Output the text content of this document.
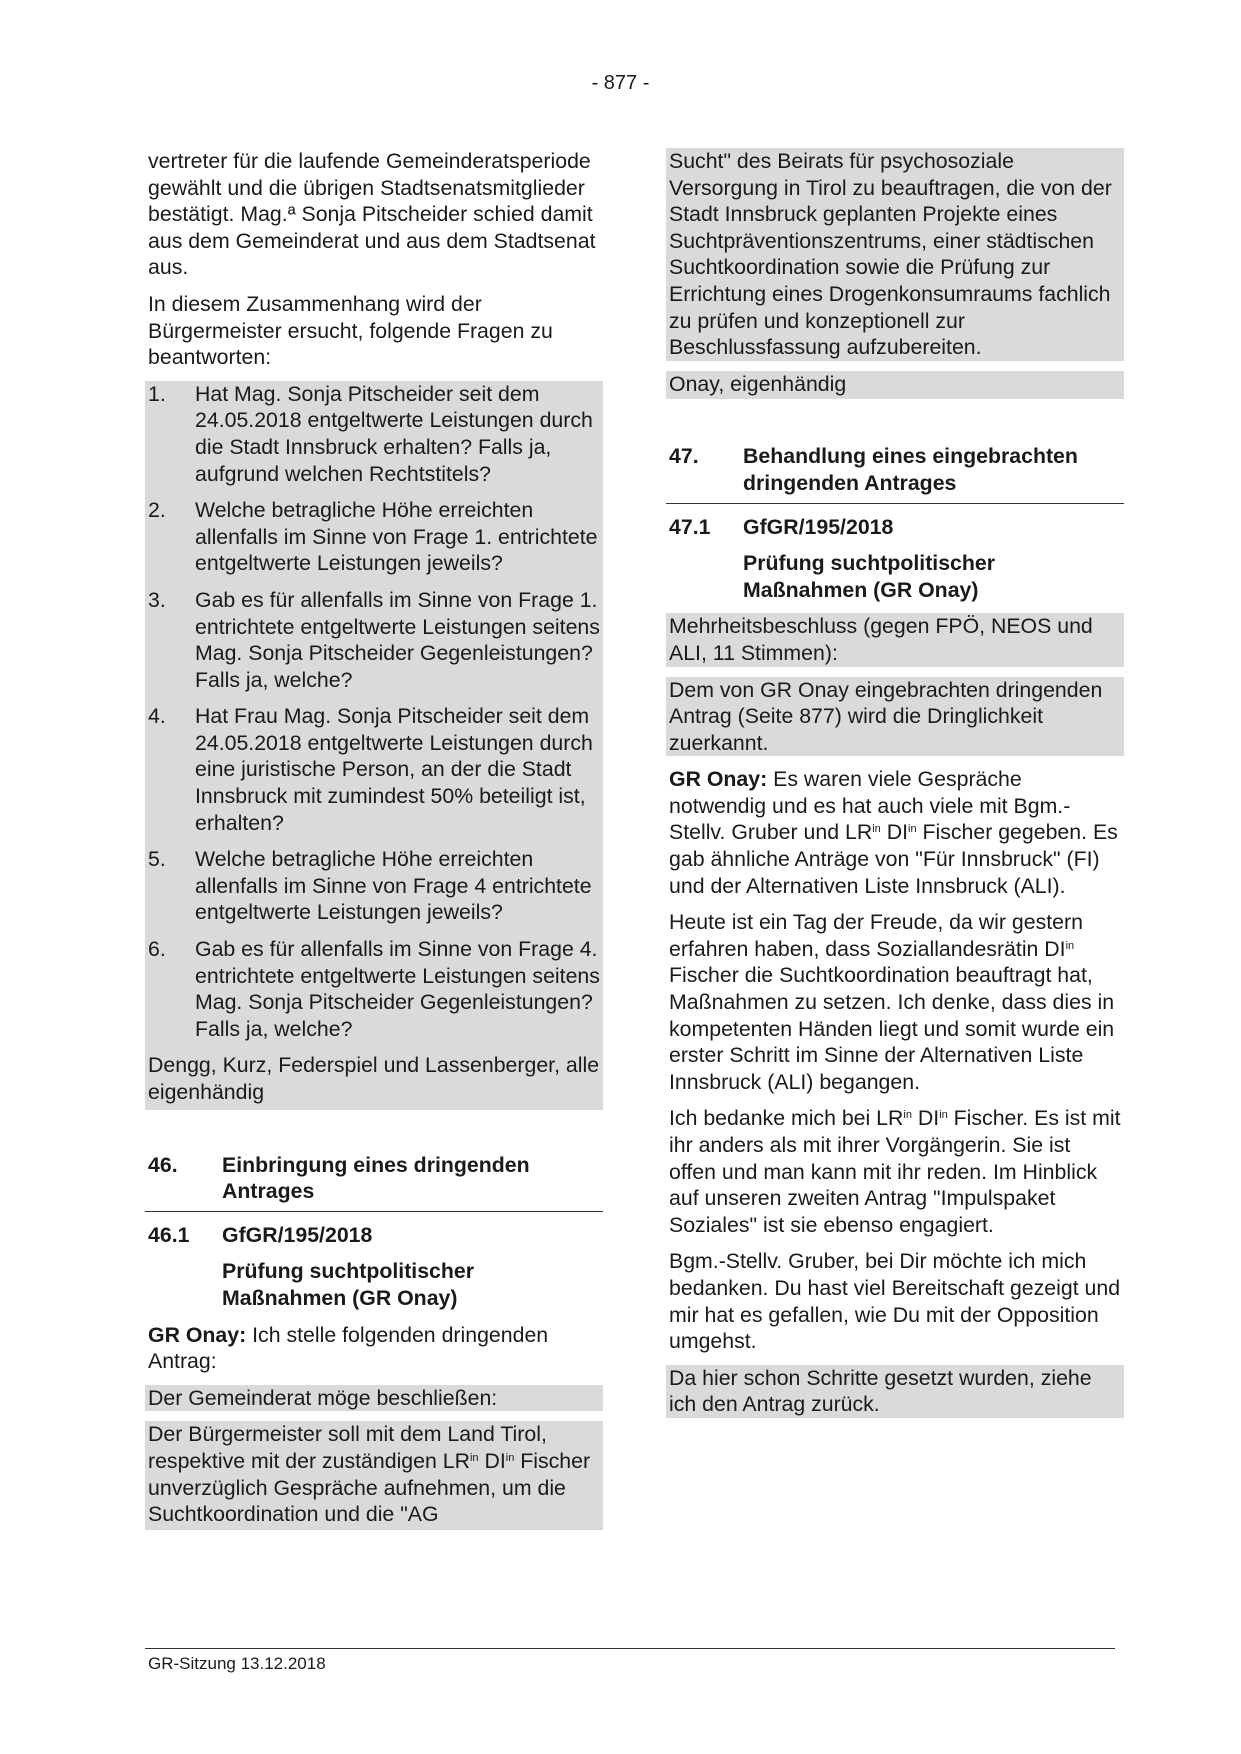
- 877 -

vertreter für die laufende Gemeinderatsperiode gewählt und die übrigen Stadtsenatsmitglieder bestätigt. Mag.ª Sonja Pitscheider schied damit aus dem Gemeinderat und aus dem Stadtsenat aus.

In diesem Zusammenhang wird der Bürgermeister ersucht, folgende Fragen zu beantworten:

1.	Hat Mag. Sonja Pitscheider seit dem 24.05.2018 entgeltwerte Leistungen durch die Stadt Innsbruck erhalten? Falls ja, aufgrund welchen Rechtstitels?
2.	Welche betragliche Höhe erreichten allenfalls im Sinne von Frage 1. entrichtete entgeltwerte Leistungen jeweils?
3.	Gab es für allenfalls im Sinne von Frage 1. entrichtete entgeltwerte Leistungen seitens Mag. Sonja Pitscheider Gegenleistungen? Falls ja, welche?
4.	Hat Frau Mag. Sonja Pitscheider seit dem 24.05.2018 entgeltwerte Leistungen durch eine juristische Person, an der die Stadt Innsbruck mit zumindest 50% beteiligt ist, erhalten?
5.	Welche betragliche Höhe erreichten allenfalls im Sinne von Frage 4 entrichtete entgeltwerte Leistungen jeweils?
6.	Gab es für allenfalls im Sinne von Frage 4. entrichtete entgeltwerte Leistungen seitens Mag. Sonja Pitscheider Gegenleistungen? Falls ja, welche?

Dengg, Kurz, Federspiel und Lassenberger, alle eigenhändig

46.	Einbringung eines dringenden Antrages
46.1	GfGR/195/2018

Prüfung suchtpolitischer Maßnahmen (GR Onay)

GR Onay: Ich stelle folgenden dringenden Antrag:

Der Gemeinderat möge beschließen:

Der Bürgermeister soll mit dem Land Tirol, respektive mit der zuständigen $LR^{in}$ $DI^{in}$ Fischer unverzüglich Gespräche aufnehmen, um die Suchtkoordination und die "AG

Sucht" des Beirats für psychosoziale Versorgung in Tirol zu beauftragen, die von der Stadt Innsbruck geplanten Projekte eines Suchtpräventionszentrums, einer städtischen Suchtkoordination sowie die Prüfung zur Errichtung eines Drogenkonsumraums fachlich zu prüfen und konzeptionell zur Beschlussfassung aufzubereiten.

Onay, eigenhändig

47.	Behandlung eines eingebrachten dringenden Antrages
47.1	GfGR/195/2018

Prüfung suchtpolitischer Maßnahmen (GR Onay)

Mehrheitsbeschluss (gegen FPÖ, NEOS und ALI, 11 Stimmen):

Dem von GR Onay eingebrachten dringenden Antrag (Seite 877) wird die Dringlichkeit zuerkannt.

GR Onay: Es waren viele Gespräche notwendig und es hat auch viele mit Bgm.-Stellv. Gruber und $LR^{in}$ $DI^{in}$ Fischer gegeben. Es gab ähnliche Anträge von "Für Innsbruck" (FI) und der Alternativen Liste Innsbruck (ALI).

Heute ist ein Tag der Freude, da wir gestern erfahren haben, dass Soziallandesrätin $DI^{in}$ Fischer die Suchtkoordination beauftragt hat, Maßnahmen zu setzen. Ich denke, dass dies in kompetenten Händen liegt und somit wurde ein erster Schritt im Sinne der Alternativen Liste Innsbruck (ALI) begangen.

Ich bedanke mich bei $LR^{in}$ $DI^{in}$ Fischer. Es ist mit ihr anders als mit ihrer Vorgängerin. Sie ist offen und man kann mit ihr reden. Im Hinblick auf unseren zweiten Antrag "Impulspaket Soziales" ist sie ebenso engagiert.

Bgm.-Stellv. Gruber, bei Dir möchte ich mich bedanken. Du hast viel Bereitschaft gezeigt und mir hat es gefallen, wie Du mit der Opposition umgehst.

Da hier schon Schritte gesetzt wurden, ziehe ich den Antrag zurück.

GR-Sitzung 13.12.2018
